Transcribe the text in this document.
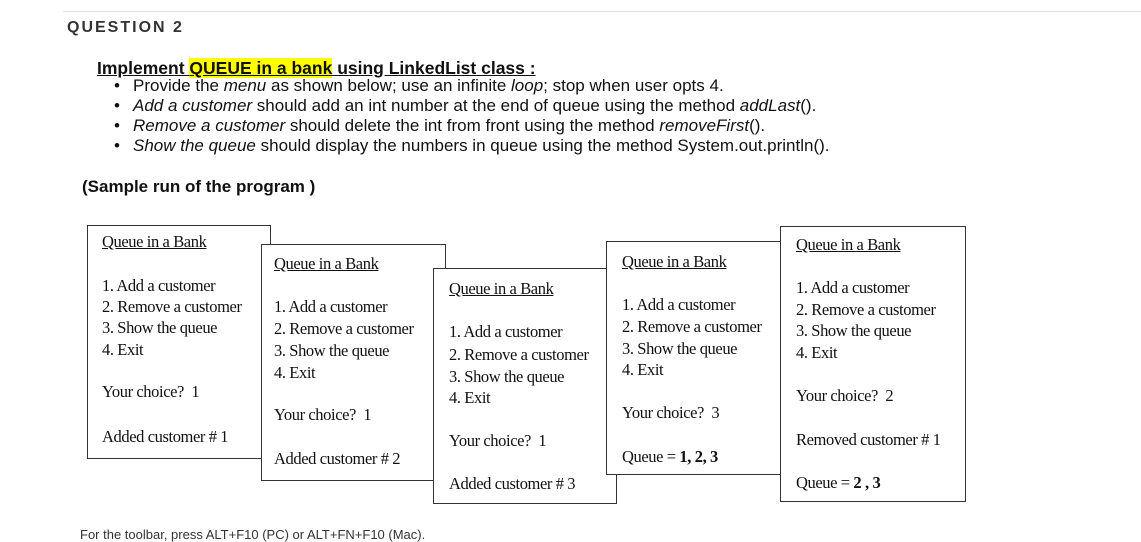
QUESTION 2
Implement QUEUE in a bank using LinkedList class :
• Provide the menu as shown below; use an infinite loop; stop when user opts 4.
• Add a customer should add an int number at the end of queue using the method addLast().
• Remove a customer should delete the int from front using the method removeFirst().
• Show the queue should display the numbers in queue using the method System.out.println().
(Sample run of the program )
Queue in a Bank
1. Add a customer
2. Remove a customer
3. Show the queue
4. Exit
Your choice? 1
Added customer # 1
Queue in a Bank
1. Add a customer
2. Remove a customer
3. Show the queue
4. Exit
Your choice? 1
Added customer # 2
Queue in a Bank
1. Add a customer
2. Remove a customer
3. Show the queue
4. Exit
Your choice? 1
Added customer # 3
Queue in a Bank
1. Add a customer
2. Remove a customer
3. Show the queue
4. Exit
Your choice? 3
Queue = 1, 2, 3
Queue in a Bank
1. Add a customer
2. Remove a customer
3. Show the queue
4. Exit
Your choice? 2
Removed customer # 1
Queue = 2 , 3
For the toolbar, press ALT+F10 (PC) or ALT+FN+F10 (Mac).
